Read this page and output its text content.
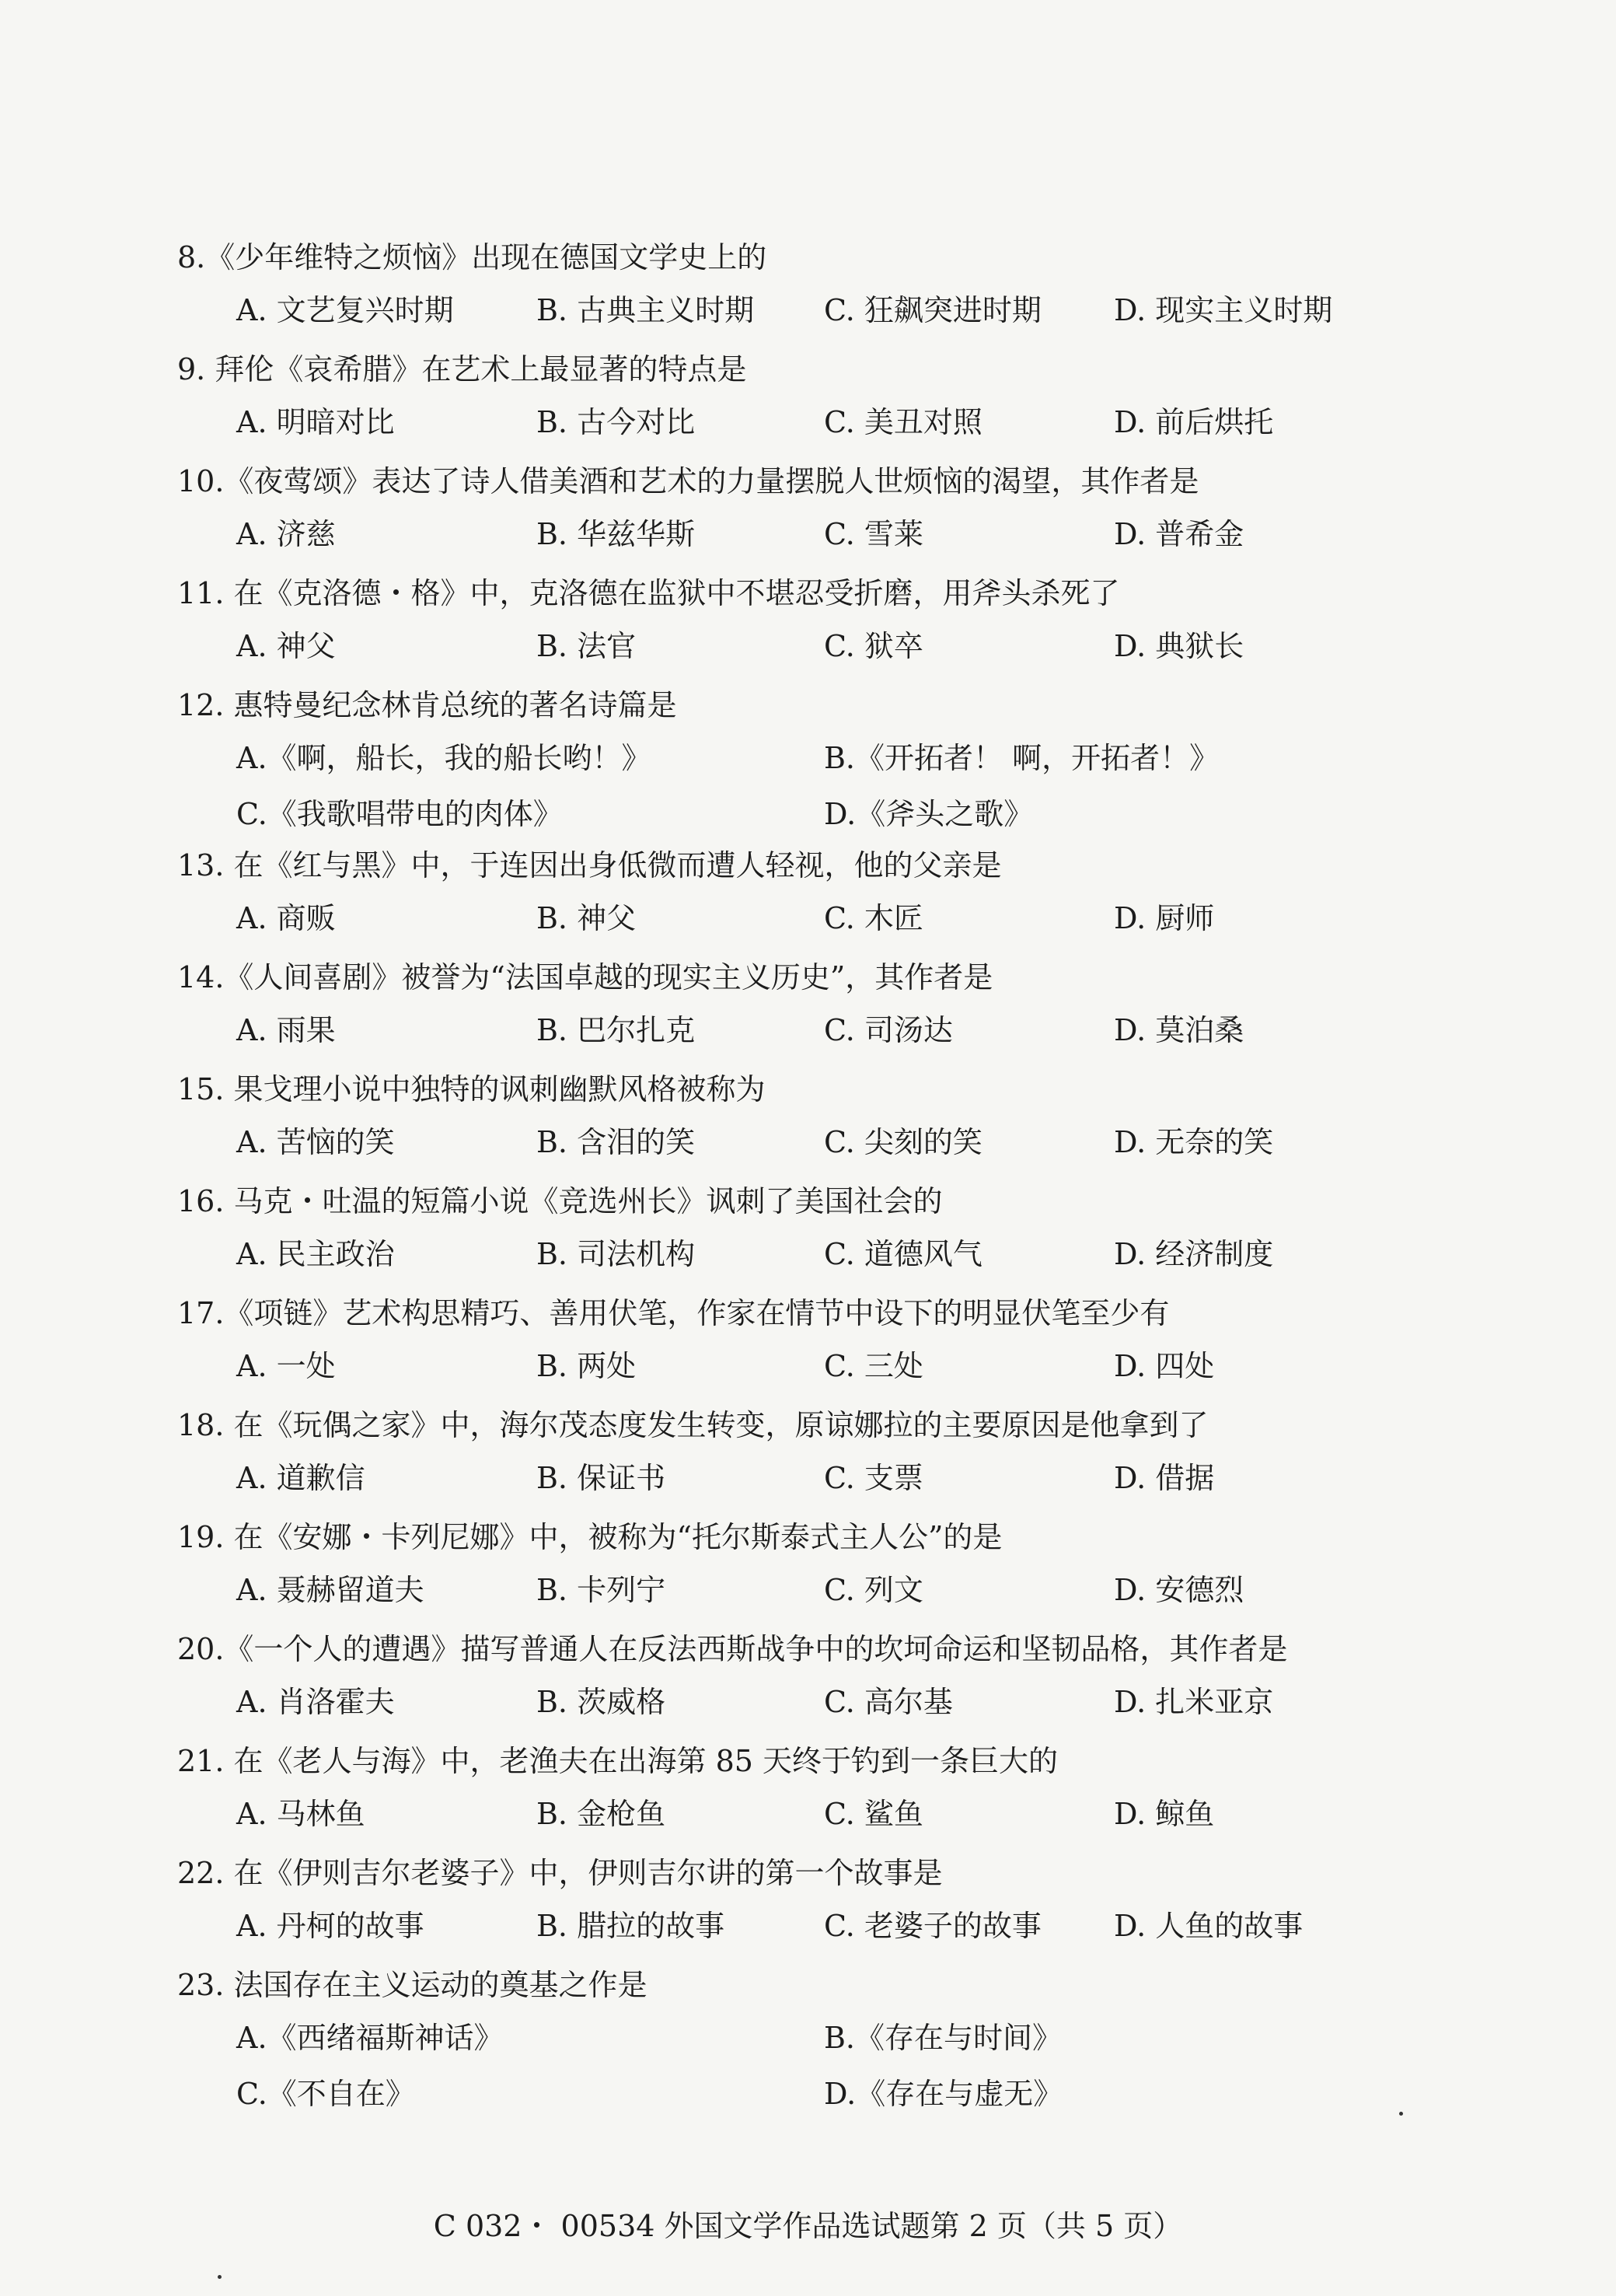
8.《少年维特之烦恼》出现在德国文学史上的
A. 文艺复兴时期	B. 古典主义时期 C. 狂飙突进时期 D. 现实主义时期
9. 拜伦《哀希腊》在艺术上最显著的特点是
A. 明暗对比	B. 古今对比	C. 美丑对照	D. 前后烘托
10.《夜莺颂》表达了诗人借美酒和艺术的力量摆脱人世烦恼的渴望，其作者是
A. 济慈	B. 华兹华斯	C. 雪莱	D. 普希金
11. 在《克洛德・格》中，克洛德在监狱中不堪忍受折磨，用斧头杀死了
A. 神父	B. 法官	C. 狱卒	D. 典狱长
12. 惠特曼纪念林肯总统的著名诗篇是
A.《啊，船长，我的船长哟！》	B.《开拓者！ 啊，开拓者！》
C.《我歌唱带电的肉体》	D.《斧头之歌》
13. 在《红与黑》中，于连因出身低微而遭人轻视，他的父亲是
A. 商贩	B. 神父	C. 木匠	D. 厨师
14.《人间喜剧》被誉为“法国卓越的现实主义历史”，其作者是
A. 雨果	B. 巴尔扎克	C. 司汤达	D. 莫泊桑
15. 果戈理小说中独特的讽刺幽默风格被称为
A. 苦恼的笑	B. 含泪的笑	C. 尖刻的笑	D. 无奈的笑
16. 马克・吐温的短篇小说《竞选州长》讽刺了美国社会的
A. 民主政治	B. 司法机构	C. 道德风气	D. 经济制度
17.《项链》艺术构思精巧、善用伏笔，作家在情节中设下的明显伏笔至少有
A. 一处	B. 两处	C. 三处	D. 四处
18. 在《玩偶之家》中，海尔茂态度发生转变，原谅娜拉的主要原因是他拿到了
A. 道歉信	B. 保证书	C. 支票	D. 借据
19. 在《安娜・卡列尼娜》中，被称为“托尔斯泰式主人公”的是
A. 聂赫留道夫	B. 卡列宁	C. 列文	D. 安德烈
20.《一个人的遭遇》描写普通人在反法西斯战争中的坎坷命运和坚韧品格，其作者是
A. 肖洛霍夫	B. 茨威格	C. 高尔基	D. 扎米亚京
21. 在《老人与海》中，老渔夫在出海第 85 天终于钓到一条巨大的
A. 马林鱼	B. 金枪鱼	C. 鲨鱼	D. 鲸鱼
22. 在《伊则吉尔老婆子》中，伊则吉尔讲的第一个故事是
A. 丹柯的故事	B. 腊拉的故事	C. 老婆子的故事 D. 人鱼的故事
23. 法国存在主义运动的奠基之作是
A.《西绪福斯神话》	B.《存在与时间》
C.《不自在》	D.《存在与虚无》
C 032・ 00534 外国文学作品选试题第 2 页（共 5 页）
